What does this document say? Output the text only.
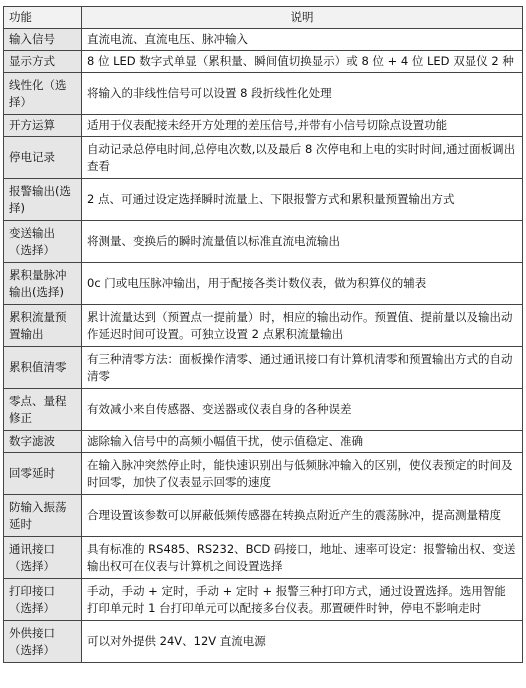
功能	说明
输入信号	直流电流、直流电压、脉冲输入
显示方式	8 位 LED 数字式单显（累积量、瞬间值切换显示）或 8 位 + 4 位 LED 双显仪 2 种
线性化（选择）	将输入的非线性信号可以设置 8 段折线性化处理
开方运算	适用于仪表配接未经开方处理的差压信号,并带有小信号切除点设置功能
停电记录	自动记录总停电时间,总停电次数,以及最后 8 次停电和上电的实时时间,通过面板调出查看
报警输出(选择)	2 点、可通过设定选择瞬时流量上、下限报警方式和累积量预置输出方式
变送输出（选择）	将测量、变换后的瞬时流量值以标准直流电流输出
累积量脉冲输出(选择)	0c 门或电压脉冲输出，用于配接各类计数仪表，做为积算仪的辅表
累积流量预置输出	累计流量达到（预置点一提前量）时，相应的输出动作。预置值、提前量以及输出动作延迟时间可设置。可独立设置 2 点累积流量输出
累积值清零	有三种清零方法：面板操作清零、通过通讯接口有计算机清零和预置输出方式的自动清零
零点、量程修正	有效减小来自传感器、变送器或仪表自身的各种误差
数字滤波	滤除输入信号中的高频小幅值干扰，使示值稳定、准确
回零延时	在输入脉冲突然停止时，能快速识别出与低频脉冲输入的区别，使仪表预定的时间及时回零，加快了仪表显示回零的速度
防输入振荡延时	合理设置该参数可以屏蔽低频传感器在转换点附近产生的震荡脉冲，提高测量精度
通讯接口（选择）	具有标准的 RS485、RS232、BCD 码接口，地址、速率可设定：报警输出权、变送输出权可在仪表与计算机之间设置选择
打印接口（选择）	手动，手动 + 定时，手动 + 定时 + 报警三种打印方式，通过设置选择。选用智能打印单元时 1 台打印单元可以配接多台仪表。那置硬件时钟，停电不影响走时
外供接口（选择）	可以对外提供 24V、12V 直流电源
